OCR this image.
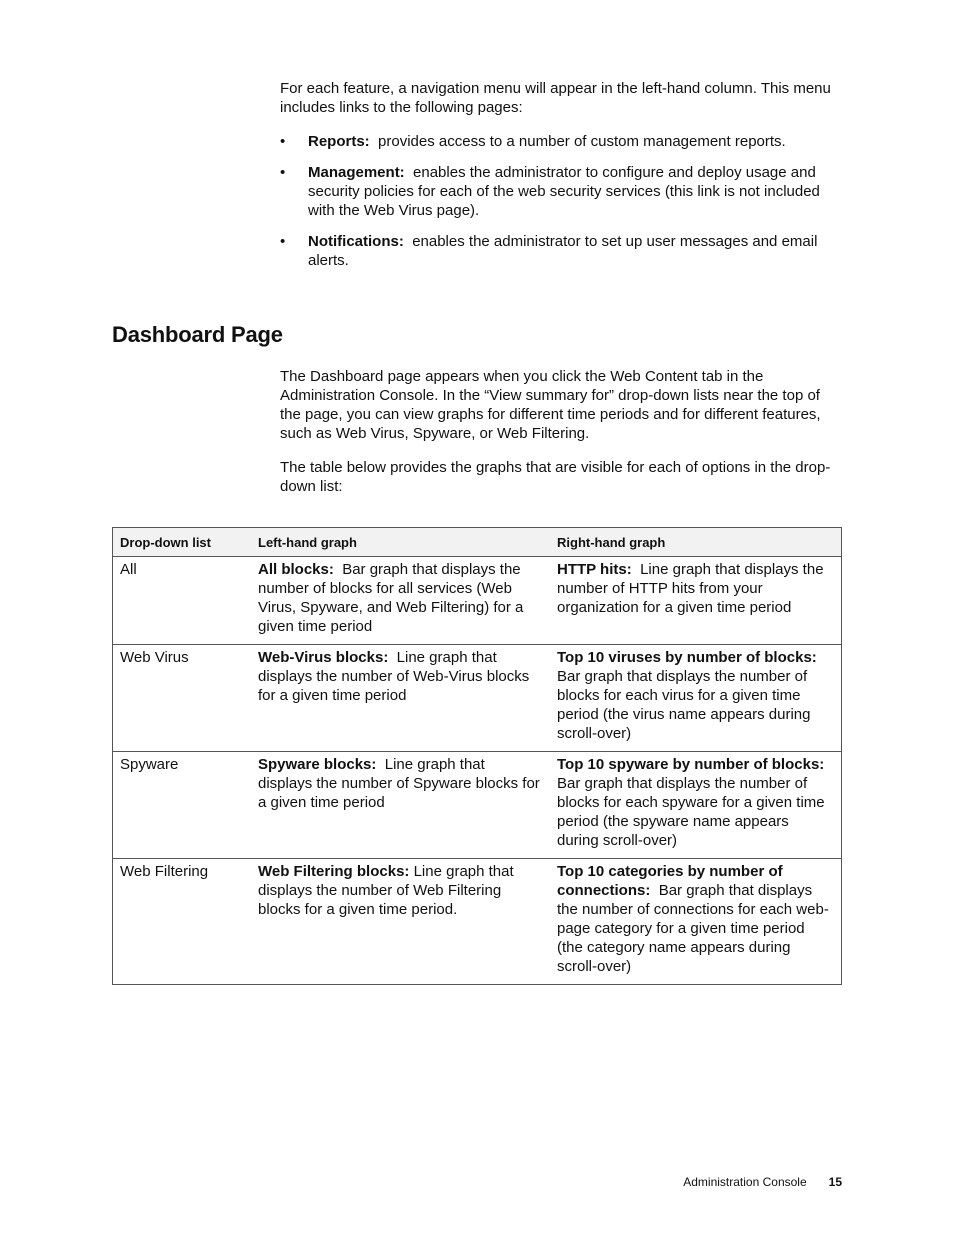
For each feature, a navigation menu will appear in the left-hand column. This menu includes links to the following pages:

• Reports: provides access to a number of custom management reports.
• Management: enables the administrator to configure and deploy usage and security policies for each of the web security services (this link is not included with the Web Virus page).
• Notifications: enables the administrator to set up user messages and email alerts.
Dashboard Page

The Dashboard page appears when you click the Web Content tab in the Administration Console. In the “View summary for” drop-down lists near the top of the page, you can view graphs for different time periods and for different features, such as Web Virus, Spyware, or Web Filtering.

The table below provides the graphs that are visible for each of options in the drop-down list:

Drop-down list	Left-hand graph	Right-hand graph
All	All blocks: Bar graph that displays the number of blocks for all services (Web Virus, Spyware, and Web Filtering) for a given time period	HTTP hits: Line graph that displays the number of HTTP hits from your organization for a given time period
Web Virus	Web-Virus blocks: Line graph that displays the number of Web-Virus blocks for a given time period	Top 10 viruses by number of blocks: Bar graph that displays the number of blocks for each virus for a given time period (the virus name appears during scroll-over)
Spyware	Spyware blocks: Line graph that displays the number of Spyware blocks for a given time period	Top 10 spyware by number of blocks: Bar graph that displays the number of blocks for each spyware for a given time period (the spyware name appears during scroll-over)
Web Filtering	Web Filtering blocks: Line graph that displays the number of Web Filtering blocks for a given time period.	Top 10 categories by number of connections: Bar graph that displays the number of connections for each web-page category for a given time period (the category name appears during scroll-over)
Administration Console 15
